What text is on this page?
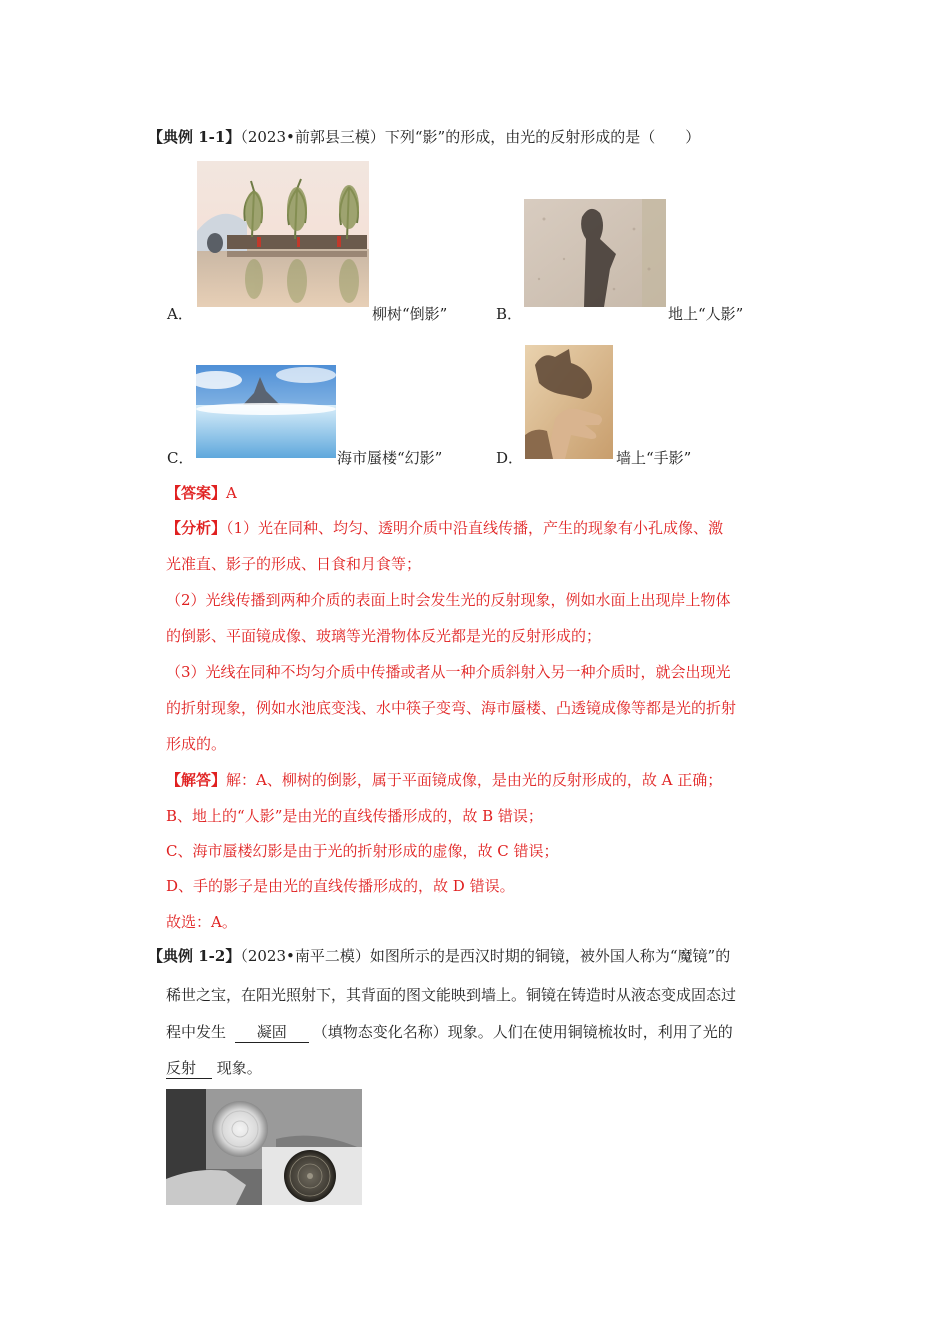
【典例 1-1】（2023•前郭县三模）下列“影”的形成，由光的反射形成的是（　　）
A．	柳树“倒影”	B．	地上“人影”
C．	海市蜃楼“幻影”	D．	墙上“手影”
【答案】A
【分析】（1）光在同种、均匀、透明介质中沿直线传播，产生的现象有小孔成像、激
光准直、影子的形成、日食和月食等；
（2）光线传播到两种介质的表面上时会发生光的反射现象，例如水面上出现岸上物体
的倒影、平面镜成像、玻璃等光滑物体反光都是光的反射形成的；
（3）光线在同种不均匀介质中传播或者从一种介质斜射入另一种介质时，就会出现光
的折射现象，例如水池底变浅、水中筷子变弯、海市蜃楼、凸透镜成像等都是光的折射
形成的。
【解答】解：A、柳树的倒影，属于平面镜成像，是由光的反射形成的，故 A 正确；
B、地上的“人影”是由光的直线传播形成的，故 B 错误；
C、海市蜃楼幻影是由于光的折射形成的虚像，故 C 错误；
D、手的影子是由光的直线传播形成的，故 D 错误。
故选：A。
【典例 1-2】（2023•南平二模）如图所示的是西汉时期的铜镜，被外国人称为“魔镜”的
稀世之宝，在阳光照射下，其背面的图文能映到墙上。铜镜在铸造时从液态变成固态过
程中发生 凝固 （填物态变化名称）现象。人们在使用铜镜梳妆时，利用了光的
反射 现象。
